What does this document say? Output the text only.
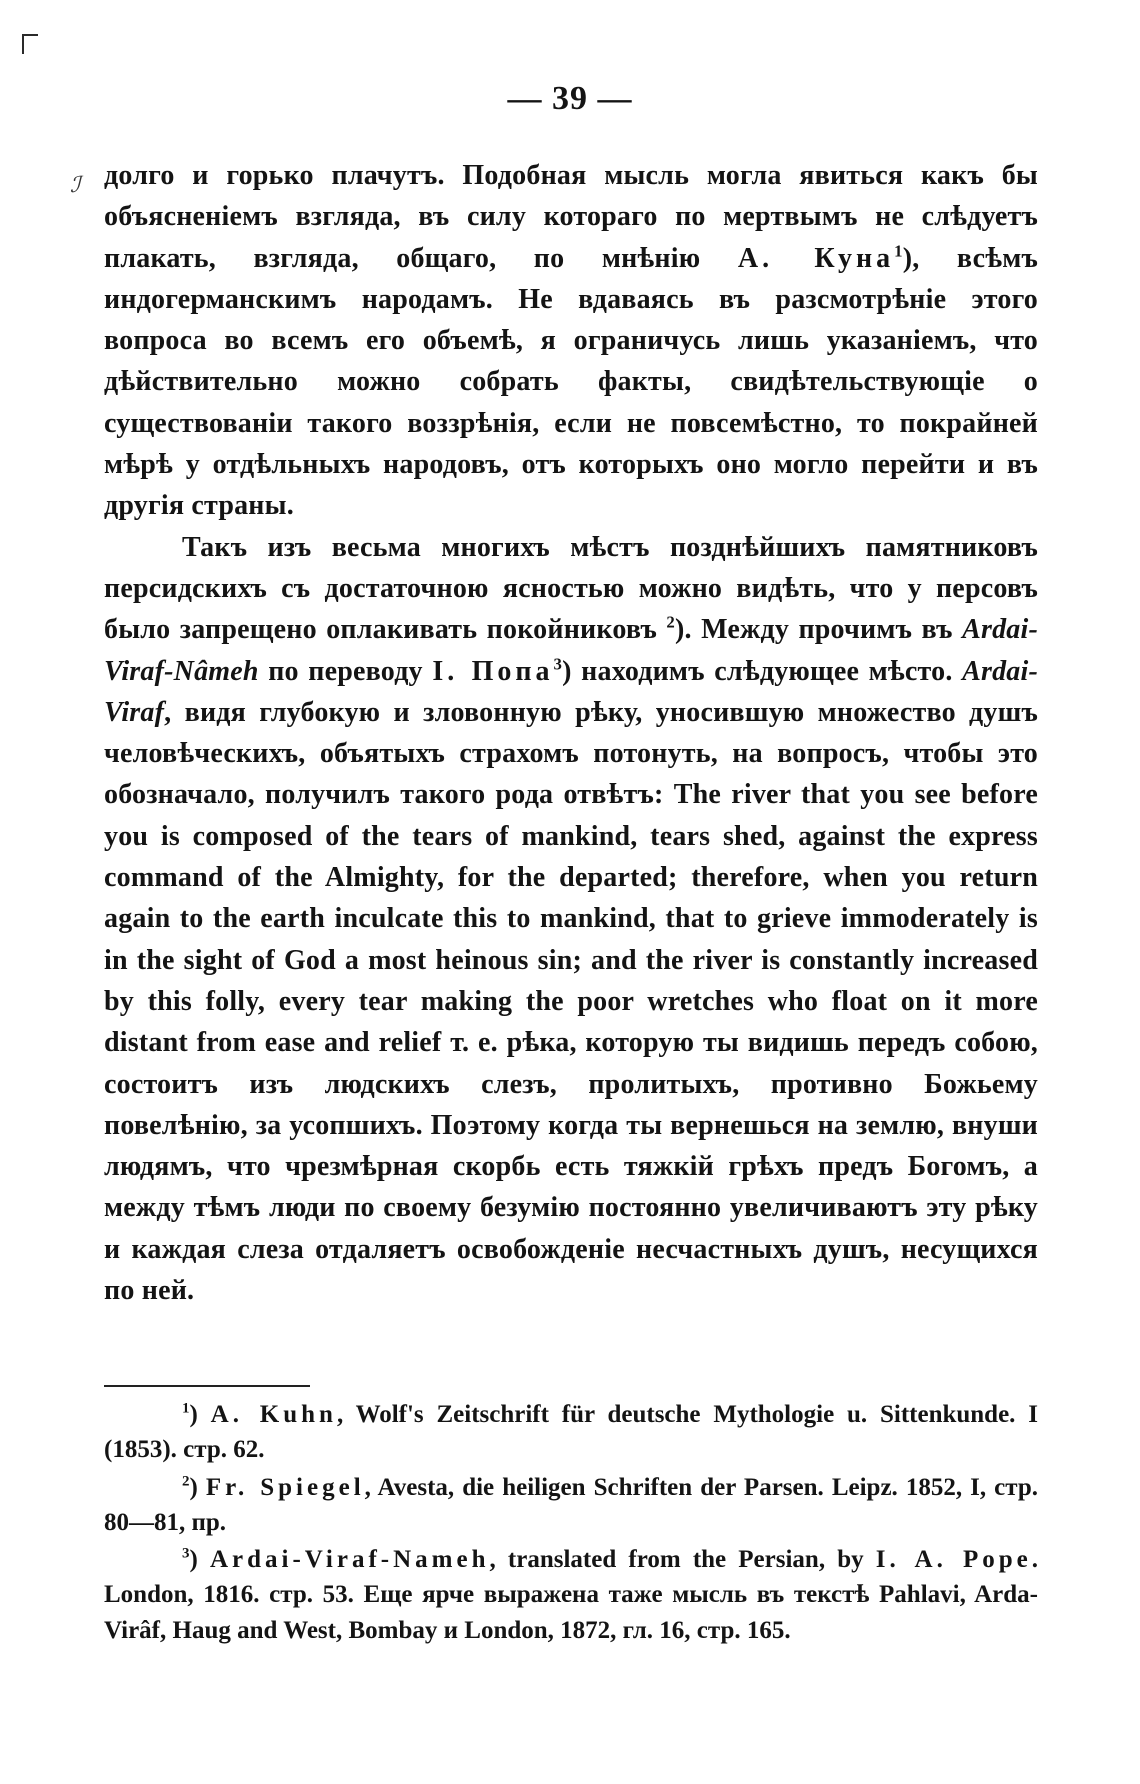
— 39 —
ℐ долго и горько плачутъ. Подобная мысль могла явиться какъ бы объясненіемъ взгляда, въ силу котораго по мертвымъ не слѣдуетъ плакать, взгляда, общаго, по мнѣнію А. Куна$^1$), всѣмъ индогерманскимъ народамъ. Не вдаваясь въ разсмотрѣніе этого вопроса во всемъ его объемѣ, я ограничусь лишь указаніемъ, что дѣйствительно можно собрать факты, свидѣтельствующіе о существованіи такого воззрѣнія, если не повсемѣстно, то покрайней мѣрѣ у отдѣльныхъ народовъ, отъ которыхъ оно могло перейти и въ другія страны.

Такъ изъ весьма многихъ мѣстъ позднѣйшихъ памятниковъ персидскихъ съ достаточною ясностью можно видѣть, что у персовъ было запрещено оплакивать покойниковъ $^2$). Между прочимъ въ Ardai-Viraf-Nâmeh по переводу I. Попа$^3$) находимъ слѣдующее мѣсто. Ardai-Viraf, видя глубокую и зловонную рѣку, уносившую множество душъ человѣческихъ, объятыхъ страхомъ потонуть, на вопросъ, чтобы это обозначало, получилъ такого рода отвѣтъ: The river that you see before you is composed of the tears of mankind, tears shed, against the express command of the Almighty, for the departed; therefore, when you return again to the earth inculcate this to mankind, that to grieve immoderately is in the sight of God a most heinous sin; and the river is constantly increased by this folly, every tear making the poor wretches who float on it more distant from ease and relief т. е. рѣка, которую ты видишь передъ собою, состоитъ изъ людскихъ слезъ, пролитыхъ, противно Божьему повелѣнію, за усопшихъ. Поэтому когда ты вернешься на землю, внуши людямъ, что чрезмѣрная скорбь есть тяжкій грѣхъ предъ Богомъ, а между тѣмъ люди по своему безумію постоянно увеличиваютъ эту рѣку и каждая слеза отдаляетъ освобожденіе несчастныхъ душъ, несущихся по ней.

$^1$) A. Kuhn, Wolf's Zeitschrift für deutsche Mythologie u. Sittenkunde. I (1853). стр. 62.

$^2$) Fr. Spiegel, Avesta, die heiligen Schriften der Parsen. Leipz. 1852, I, стр. 80—81, пр.

$^3$) Ardai-Viraf-Nameh, translated from the Persian, by I. A. Pope. London, 1816. стр. 53. Еще ярче выражена таже мысль въ текстѣ Pahlavi, Arda-Virâf, Haug and West, Bombay и London, 1872, гл. 16, стр. 165.
